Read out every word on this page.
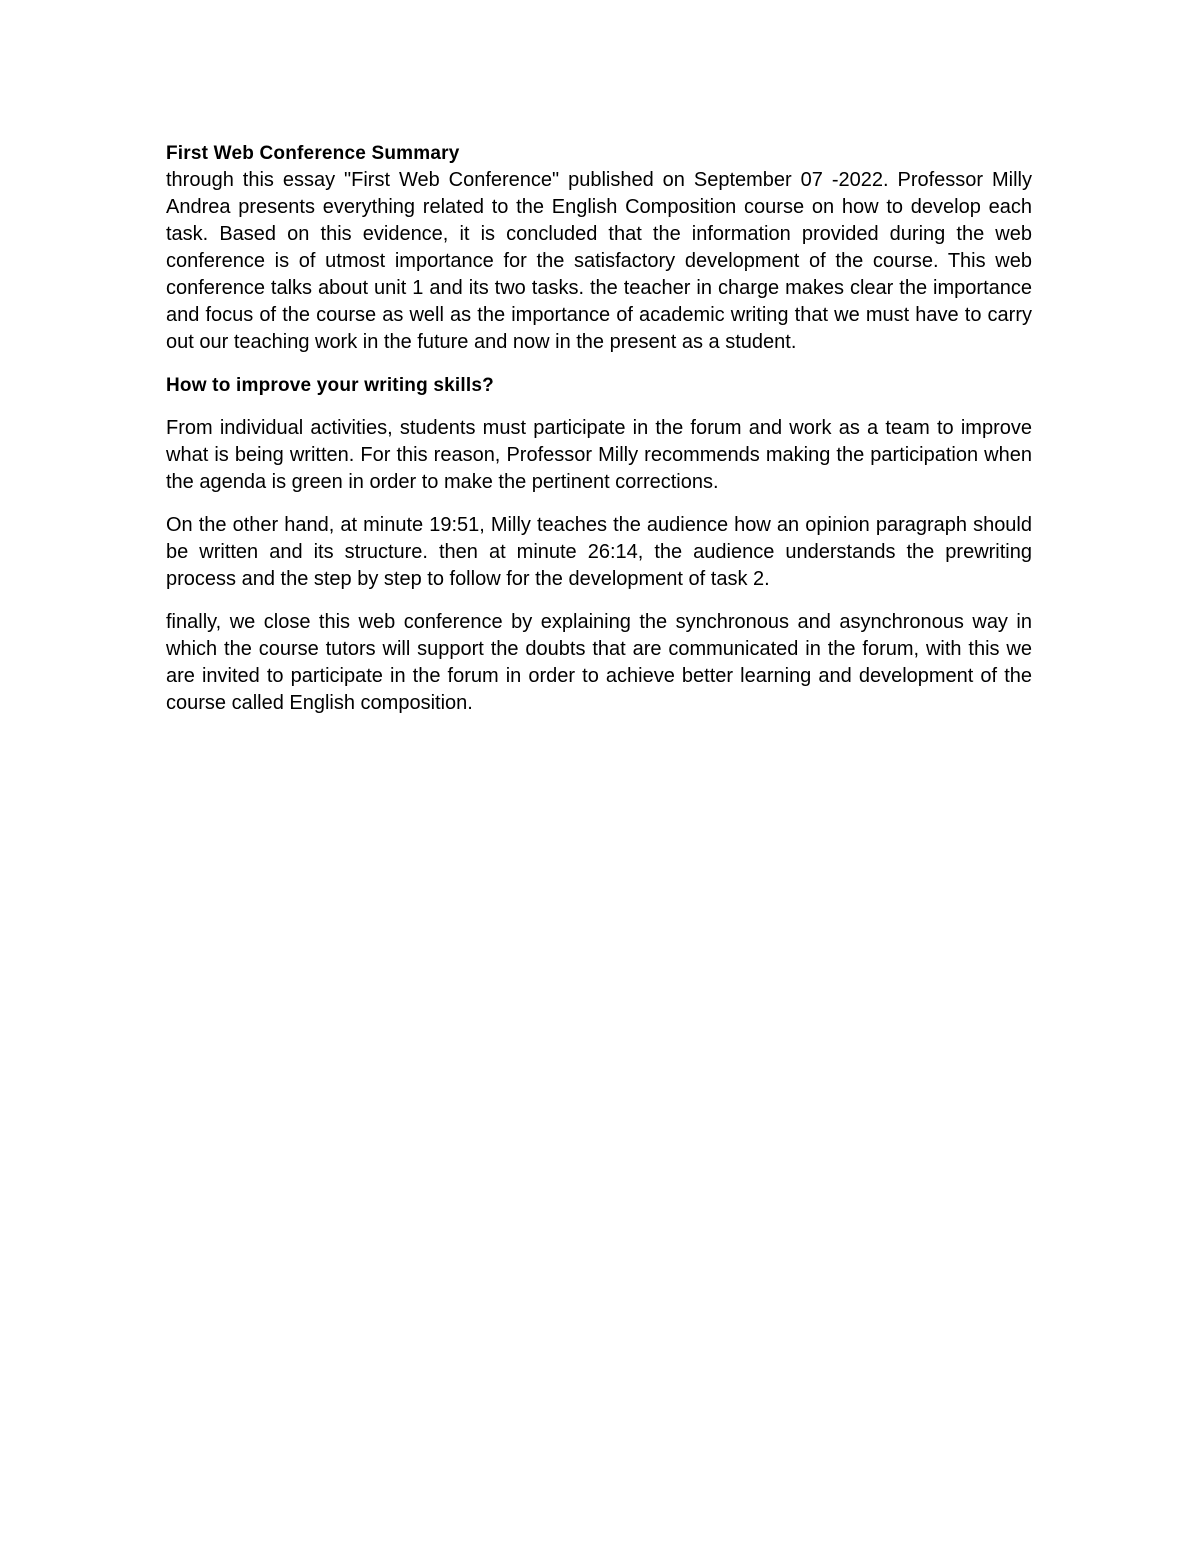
First Web Conference Summary

through this essay "First Web Conference" published on September 07 -2022. Professor Milly Andrea presents everything related to the English Composition course on how to develop each task. Based on this evidence, it is concluded that the information provided during the web conference is of utmost importance for the satisfactory development of the course. This web conference talks about unit 1 and its two tasks. the teacher in charge makes clear the importance and focus of the course as well as the importance of academic writing that we must have to carry out our teaching work in the future and now in the present as a student.

How to improve your writing skills?

From individual activities, students must participate in the forum and work as a team to improve what is being written. For this reason, Professor Milly recommends making the participation when the agenda is green in order to make the pertinent corrections.

On the other hand, at minute 19:51, Milly teaches the audience how an opinion paragraph should be written and its structure. then at minute 26:14, the audience understands the prewriting process and the step by step to follow for the development of task 2.

finally, we close this web conference by explaining the synchronous and asynchronous way in which the course tutors will support the doubts that are communicated in the forum, with this we are invited to participate in the forum in order to achieve better learning and development of the course called English composition.
